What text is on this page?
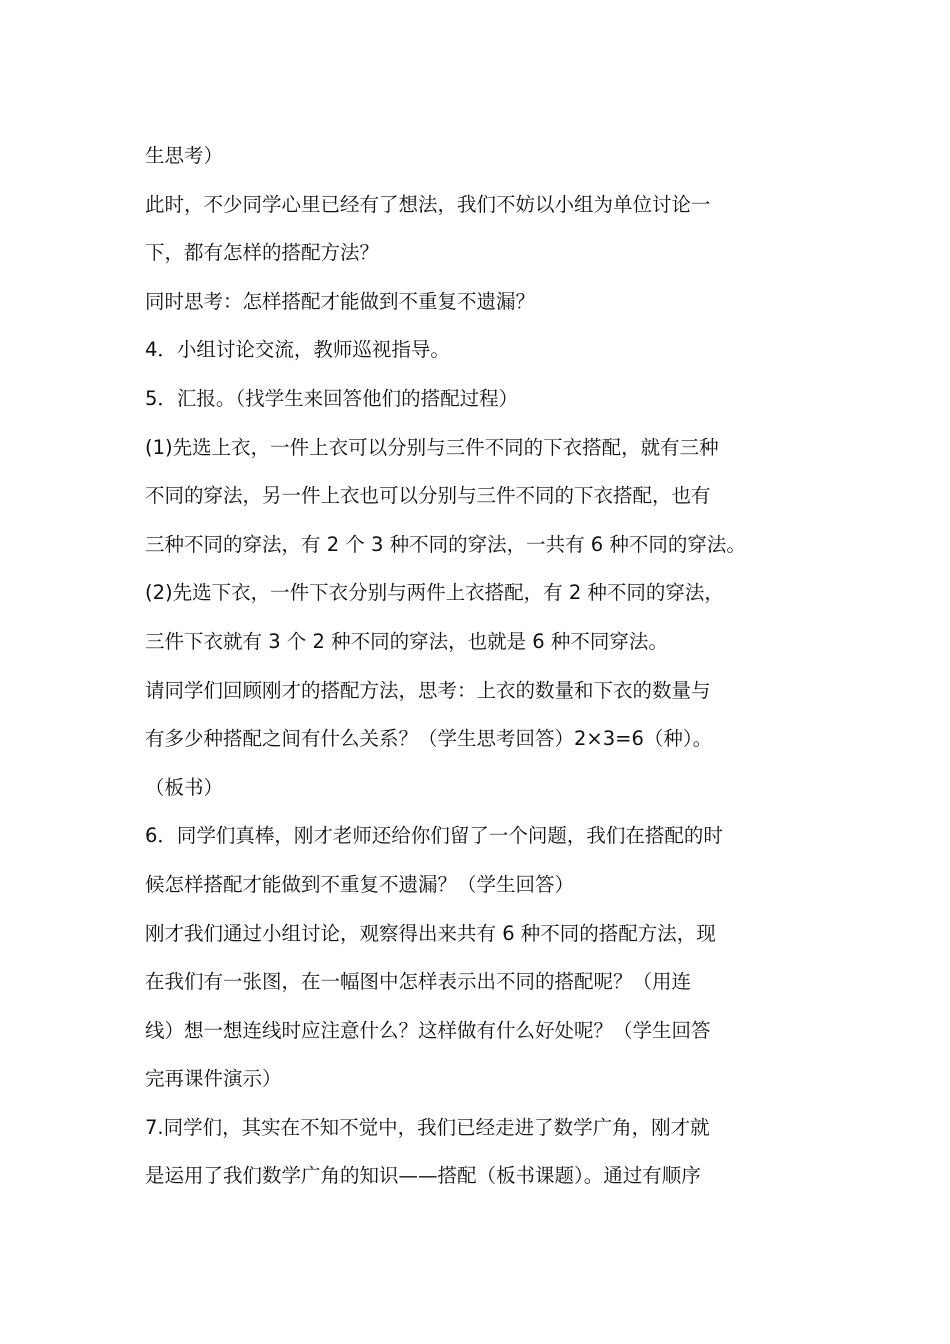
生思考）
此时，不少同学心里已经有了想法，我们不妨以小组为单位讨论一
下，都有怎样的搭配方法？
同时思考：怎样搭配才能做到不重复不遗漏？
4．小组讨论交流，教师巡视指导。
5．汇报。（找学生来回答他们的搭配过程）
(1)先选上衣，一件上衣可以分别与三件不同的下衣搭配，就有三种
不同的穿法，另一件上衣也可以分别与三件不同的下衣搭配，也有
三种不同的穿法，有 2 个 3 种不同的穿法，一共有 6 种不同的穿法。
(2)先选下衣，一件下衣分别与两件上衣搭配，有 2 种不同的穿法，
三件下衣就有 3 个 2 种不同的穿法，也就是 6 种不同穿法。
请同学们回顾刚才的搭配方法，思考：上衣的数量和下衣的数量与
有多少种搭配之间有什么关系？（学生思考回答）2×3=6（种）。
（板书）
6．同学们真棒，刚才老师还给你们留了一个问题，我们在搭配的时
候怎样搭配才能做到不重复不遗漏？（学生回答）
刚才我们通过小组讨论，观察得出来共有 6 种不同的搭配方法，现
在我们有一张图，在一幅图中怎样表示出不同的搭配呢？（用连
线）想一想连线时应注意什么？这样做有什么好处呢？（学生回答
完再课件演示）
7.同学们，其实在不知不觉中，我们已经走进了数学广角，刚才就
是运用了我们数学广角的知识——搭配（板书课题）。通过有顺序
